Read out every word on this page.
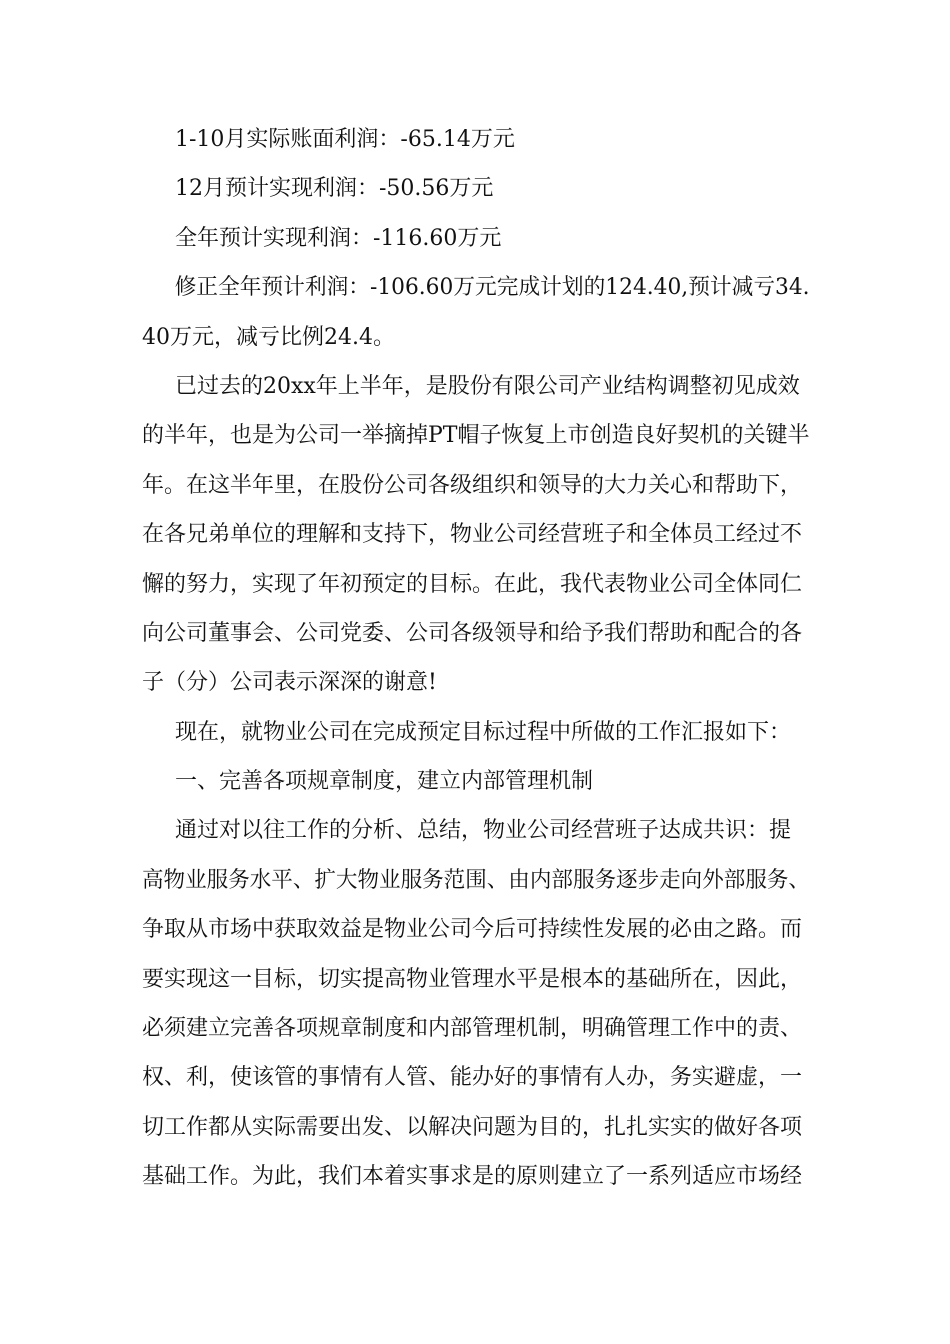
1-10月实际账面利润：-65.14万元
12月预计实现利润：-50.56万元
全年预计实现利润：-116.60万元
修正全年预计利润：-106.60万元完成计划的124.40,预计减亏34.
40万元，减亏比例24.4。
已过去的20xx年上半年，是股份有限公司产业结构调整初见成效
的半年，也是为公司一举摘掉PT帽子恢复上市创造良好契机的关键半
年。在这半年里，在股份公司各级组织和领导的大力关心和帮助下，
在各兄弟单位的理解和支持下，物业公司经营班子和全体员工经过不
懈的努力，实现了年初预定的目标。在此，我代表物业公司全体同仁
向公司董事会、公司党委、公司各级领导和给予我们帮助和配合的各
子（分）公司表示深深的谢意!
现在，就物业公司在完成预定目标过程中所做的工作汇报如下：
一、完善各项规章制度，建立内部管理机制
通过对以往工作的分析、总结，物业公司经营班子达成共识：提
高物业服务水平、扩大物业服务范围、由内部服务逐步走向外部服务、
争取从市场中获取效益是物业公司今后可持续性发展的必由之路。而
要实现这一目标，切实提高物业管理水平是根本的基础所在，因此，
必须建立完善各项规章制度和内部管理机制，明确管理工作中的责、
权、利，使该管的事情有人管、能办好的事情有人办，务实避虚，一
切工作都从实际需要出发、以解决问题为目的，扎扎实实的做好各项
基础工作。为此，我们本着实事求是的原则建立了一系列适应市场经
